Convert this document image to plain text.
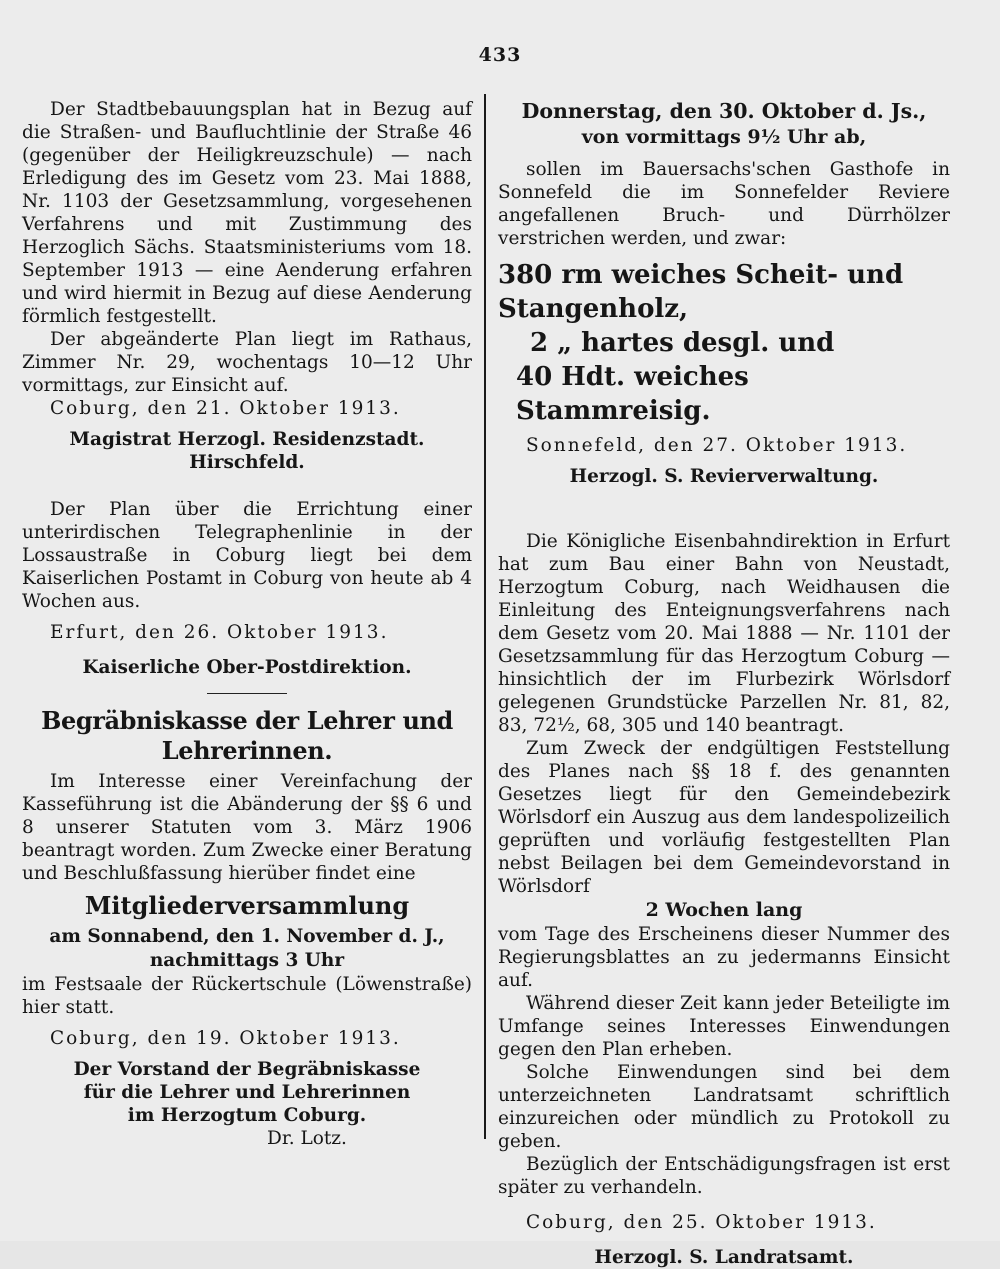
433

Der Stadtbebauungsplan hat in Bezug auf die Straßen- und Baufluchtlinie der Straße 46 (gegenüber der Heiligkreuzschule) — nach Erledigung des im Gesetz vom 23. Mai 1888, Nr. 1103 der Gesetzsammlung, vorgesehenen Verfahrens und mit Zustimmung des Herzoglich Sächs. Staatsministeriums vom 18. September 1913 — eine Aenderung erfahren und wird hiermit in Bezug auf diese Aenderung förmlich festgestellt.

Der abgeänderte Plan liegt im Rathaus, Zimmer Nr. 29, wochentags 10—12 Uhr vormittags, zur Einsicht auf.

Coburg, den 21. Oktober 1913.

Magistrat Herzogl. Residenzstadt.
Hirschfeld.

Der Plan über die Errichtung einer unterirdischen Telegraphenlinie in der Lossaustraße in Coburg liegt bei dem Kaiserlichen Postamt in Coburg von heute ab 4 Wochen aus.

Erfurt, den 26. Oktober 1913.

Kaiserliche Ober-Postdirektion.
Begräbniskasse der Lehrer und Lehrerinnen.

Im Interesse einer Vereinfachung der Kasseführung ist die Abänderung der §§ 6 und 8 unserer Statuten vom 3. März 1906 beantragt worden. Zum Zwecke einer Beratung und Beschlußfassung hierüber findet eine

Mitgliederversammlung
am Sonnabend, den 1. November d. J.,
nachmittags 3 Uhr

im Festsaale der Rückertschule (Löwenstraße) hier statt.

Coburg, den 19. Oktober 1913.

Der Vorstand der Begräbniskasse
für die Lehrer und Lehrerinnen
im Herzogtum Coburg.
Dr. Lotz.
Donnerstag, den 30. Oktober d. Js.,
von vormittags 9½ Uhr ab,

sollen im Bauersachs'schen Gasthofe in Sonnefeld die im Sonnefelder Reviere angefallenen Bruch- und Dürrhölzer verstrichen werden, und zwar:

380 rm weiches Scheit- und Stangenholz,
2 „ hartes desgl. und
40 Hdt. weiches Stammreisig.

Sonnefeld, den 27. Oktober 1913.

Herzogl. S. Revierverwaltung.

Die Königliche Eisenbahndirektion in Erfurt hat zum Bau einer Bahn von Neustadt, Herzogtum Coburg, nach Weidhausen die Einleitung des Enteignungsverfahrens nach dem Gesetz vom 20. Mai 1888 — Nr. 1101 der Gesetzsammlung für das Herzogtum Coburg — hinsichtlich der im Flurbezirk Wörlsdorf gelegenen Grundstücke Parzellen Nr. 81, 82, 83, 72½, 68, 305 und 140 beantragt.

Zum Zweck der endgültigen Feststellung des Planes nach §§ 18 f. des genannten Gesetzes liegt für den Gemeindebezirk Wörlsdorf ein Auszug aus dem landespolizeilich geprüften und vorläufig festgestellten Plan nebst Beilagen bei dem Gemeindevorstand in Wörlsdorf

2 Wochen lang

vom Tage des Erscheinens dieser Nummer des Regierungsblattes an zu jedermanns Einsicht auf.

Während dieser Zeit kann jeder Beteiligte im Umfange seines Interesses Einwendungen gegen den Plan erheben.

Solche Einwendungen sind bei dem unterzeichneten Landratsamt schriftlich einzureichen oder mündlich zu Protokoll zu geben.

Bezüglich der Entschädigungsfragen ist erst später zu verhandeln.

Coburg, den 25. Oktober 1913.

Herzogl. S. Landratsamt.
